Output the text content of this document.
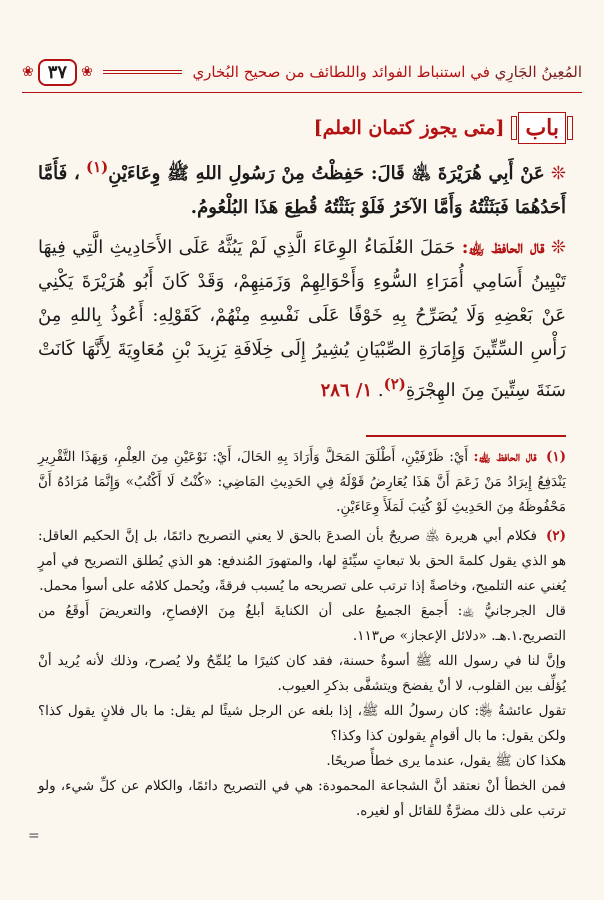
المُعِينُ الجَارِي في استنباط الفوائد واللطائف من صحيح البُخاري
❀
٣٧
❀
باب
[متى يجوز كتمان العلم]

❊ عَنْ أَبِي هُرَيْرَةَ ﵁ قَالَ: حَفِظْتُ مِنْ رَسُولِ اللهِ ﷺ وِعَاءَيْنِ$^{(١)}$ ، فَأَمَّا أَحَدُهُمَا فَبَثَثْتُهُ وَأَمَّا الآخَرُ فَلَوْ بَثَثْتُهُ قُطِعَ هَذَا البُلْعُومُ.

❊ قال الحافظ ﵀: حَمَلَ العُلَمَاءُ الوِعَاءَ الَّذِي لَمْ يَبُثَّهُ عَلَى الأَحَادِيثِ الَّتِي فِيهَا تَبْيِينُ أَسَامِي أُمَرَاءِ السُّوءِ وَأَحْوَالِهِمْ وَزَمَنِهِمْ، وَقَدْ كَانَ أَبُو هُرَيْرَةَ يَكْنِي عَنْ بَعْضِهِ وَلَا يُصَرِّحُ بِهِ خَوْفًا عَلَى نَفْسِهِ مِنْهُمْ، كَقَوْلِهِ: أَعُوذُ بِاللهِ مِنْ رَأْسِ السِّتِّينَ وَإِمَارَةِ الصِّبْيَانِ يُشِيرُ إِلَى خِلَافَةِ يَزِيدَ بْنِ مُعَاوِيَةَ لِأَنَّهَا كَانَتْ سَنَةَ سِتِّينَ مِنَ الهِجْرَةِ$^{(٢)}$. ١/ ٢٨٦

(١) قال الحافظ ﵀: أَيْ: ظَرْفَيْنِ، أَطْلَقَ المَحَلَّ وَأَرَادَ بِهِ الحَالَ، أَيْ: نَوْعَيْنِ مِنَ العِلْمِ، وَبِهَذَا التَّقْرِيرِ يَنْدَفِعُ إِيرَادُ مَنْ زَعَمَ أَنَّ هَذَا يُعَارِضُ قَوْلَهُ فِي الحَدِيثِ المَاضِي: «كُنْتُ لَا أَكْتُبُ» وَإِنَّمَا مُرَادُهُ أَنَّ مَحْفُوظَهُ مِنَ الحَدِيثِ لَوْ كُتِبَ لَمَلَأَ وِعَاءَيْنِ.

(٢) فكلام أبي هريرة ﵁ صريحٌ بأن الصدعَ بالحق لا يعني التصريح دائمًا، بل إنَّ الحكيم العاقل: هو الذي يقول كلمةَ الحق بلا تبعاتٍ سيِّئةٍ لها، والمتهورَ المُندفع: هو الذي يُطلق التصريح في أمرٍ يُغني عنه التلميح، وخاصةً إذا ترتب على تصريحه ما يُسبب فرقةً، ويُحمل كلامُه على أسوأ محمل.

قال الجرجانيُّ ﵀: أَجمعَ الجميعُ على أن الكنايةَ أبلغُ مِنَ الإفصاحِ، والتعريضَ أَوقَعُ من التصريح.١.هـ. «دلائل الإعجاز» ص١١٣.

وإنَّ لنا في رسول الله ﷺ أسوةٌ حسنة، فقد كان كثيرًا ما يُلمِّحُ ولا يُصرح، وذلك لأنه يُريد أنْ يُؤلِّف بين القلوب، لا أنْ يفضحَ ويتشفَّى بذكرِ العيوب.

تقول عائشةُ ﵂: كان رسولُ الله ﷺ، إذا بلغه عن الرجل شيئًا لم يقل: ما بال فلانٍ يقول كذا؟ ولكن يقول: ما بال أقوامٍ يقولون كذا وكذا؟

هكذا كان ﷺ يقول، عندما يرى خطأً صريحًا.

فمن الخطأ أنْ نعتقد أنَّ الشجاعة المحمودة: هي في التصريح دائمًا، والكلام عن كلِّ شيء، ولو ترتب على ذلك مضرَّةٌ للقائل أو لغيره.

=
